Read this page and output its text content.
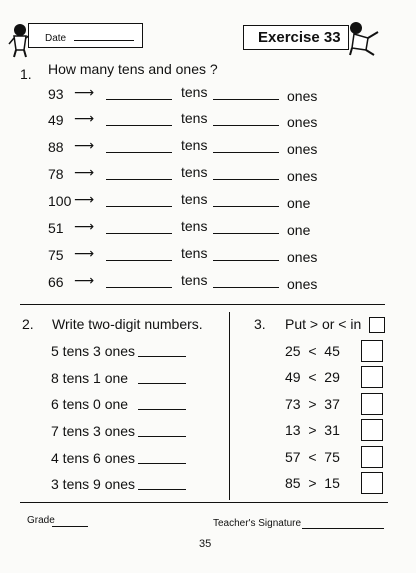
Date	Exercise 33
1. How many tens and ones ?
93 ⟶	tens	ones
49 ⟶	tens	ones
88 ⟶	tens	ones
78 ⟶	tens	ones
100 ⟶	tens	one
51 ⟶	tens	one
75 ⟶	tens	ones
66 ⟶	tens	ones
2. Write two-digit numbers.
5 tens 3 ones
8 tens 1 one
6 tens 0 one
7 tens 3 ones
4 tens 6 ones
3 tens 9 ones
3. Put > or < in
25  <  45
49  <  29
73  >  37
13  >  31
57  <  75
85  >  15
Grade	Teacher's Signature
35
